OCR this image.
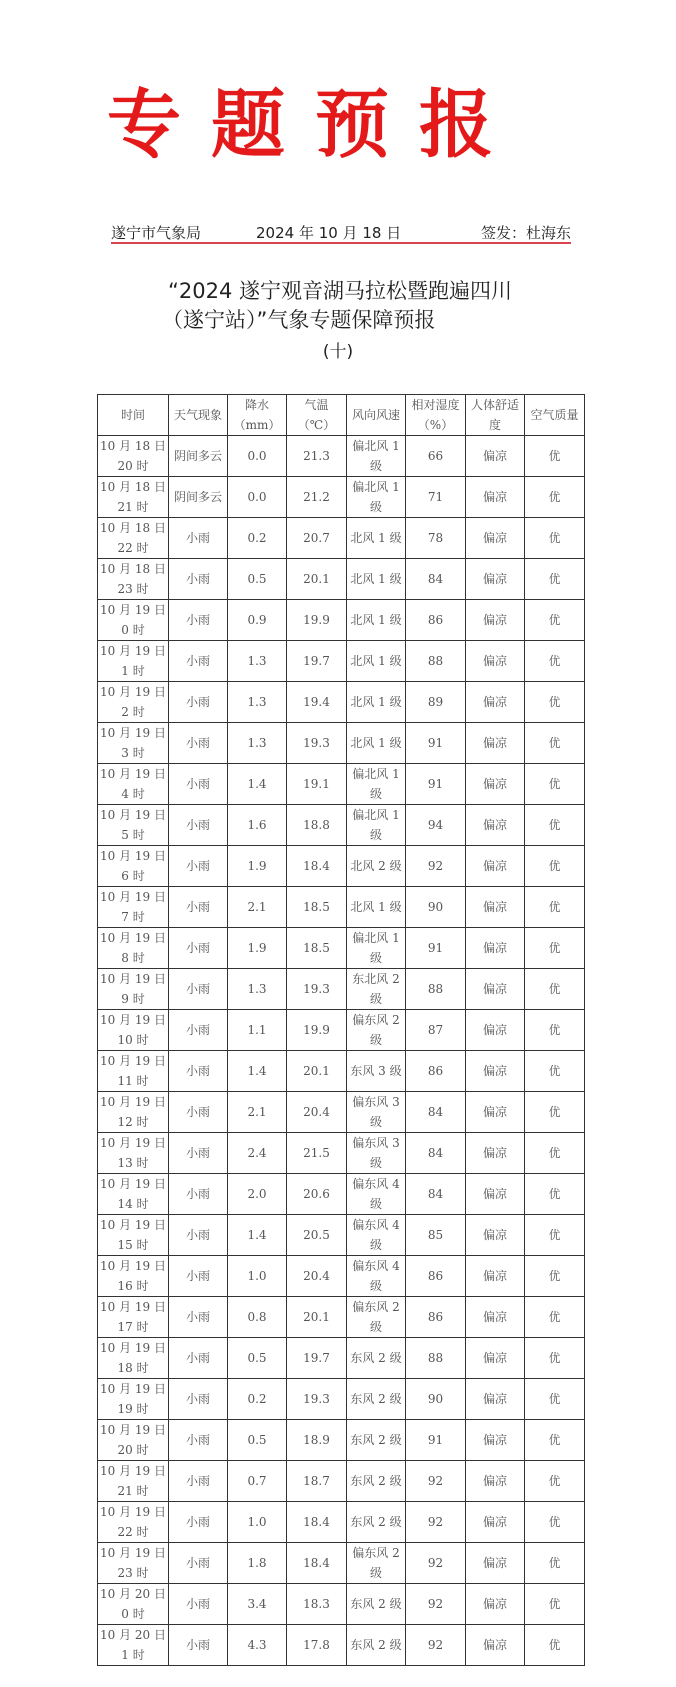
专题预报
遂宁市气象局	2024 年 10 月 18 日	签发：杜海东
“2024 遂宁观音湖马拉松暨跑遍四川
（遂宁站）”气象专题保障预报
(十)
时间	天气现象	降水（mm）	气温（℃）	风向风速	相对湿度（%）	人体舒适度	空气质量
10 月 18 日 20 时	阴间多云	0.0	21.3	偏北风 1 级	66	偏凉	优
10 月 18 日 21 时	阴间多云	0.0	21.2	偏北风 1 级	71	偏凉	优
10 月 18 日 22 时	小雨	0.2	20.7	北风 1 级	78	偏凉	优
10 月 18 日 23 时	小雨	0.5	20.1	北风 1 级	84	偏凉	优
10 月 19 日 0 时	小雨	0.9	19.9	北风 1 级	86	偏凉	优
10 月 19 日 1 时	小雨	1.3	19.7	北风 1 级	88	偏凉	优
10 月 19 日 2 时	小雨	1.3	19.4	北风 1 级	89	偏凉	优
10 月 19 日 3 时	小雨	1.3	19.3	北风 1 级	91	偏凉	优
10 月 19 日 4 时	小雨	1.4	19.1	偏北风 1 级	91	偏凉	优
10 月 19 日 5 时	小雨	1.6	18.8	偏北风 1 级	94	偏凉	优
10 月 19 日 6 时	小雨	1.9	18.4	北风 2 级	92	偏凉	优
10 月 19 日 7 时	小雨	2.1	18.5	北风 1 级	90	偏凉	优
10 月 19 日 8 时	小雨	1.9	18.5	偏北风 1 级	91	偏凉	优
10 月 19 日 9 时	小雨	1.3	19.3	东北风 2 级	88	偏凉	优
10 月 19 日 10 时	小雨	1.1	19.9	偏东风 2 级	87	偏凉	优
10 月 19 日 11 时	小雨	1.4	20.1	东风 3 级	86	偏凉	优
10 月 19 日 12 时	小雨	2.1	20.4	偏东风 3 级	84	偏凉	优
10 月 19 日 13 时	小雨	2.4	21.5	偏东风 3 级	84	偏凉	优
10 月 19 日 14 时	小雨	2.0	20.6	偏东风 4 级	84	偏凉	优
10 月 19 日 15 时	小雨	1.4	20.5	偏东风 4 级	85	偏凉	优
10 月 19 日 16 时	小雨	1.0	20.4	偏东风 4 级	86	偏凉	优
10 月 19 日 17 时	小雨	0.8	20.1	偏东风 2 级	86	偏凉	优
10 月 19 日 18 时	小雨	0.5	19.7	东风 2 级	88	偏凉	优
10 月 19 日 19 时	小雨	0.2	19.3	东风 2 级	90	偏凉	优
10 月 19 日 20 时	小雨	0.5	18.9	东风 2 级	91	偏凉	优
10 月 19 日 21 时	小雨	0.7	18.7	东风 2 级	92	偏凉	优
10 月 19 日 22 时	小雨	1.0	18.4	东风 2 级	92	偏凉	优
10 月 19 日 23 时	小雨	1.8	18.4	偏东风 2 级	92	偏凉	优
10 月 20 日 0 时	小雨	3.4	18.3	东风 2 级	92	偏凉	优
10 月 20 日 1 时	小雨	4.3	17.8	东风 2 级	92	偏凉	优
